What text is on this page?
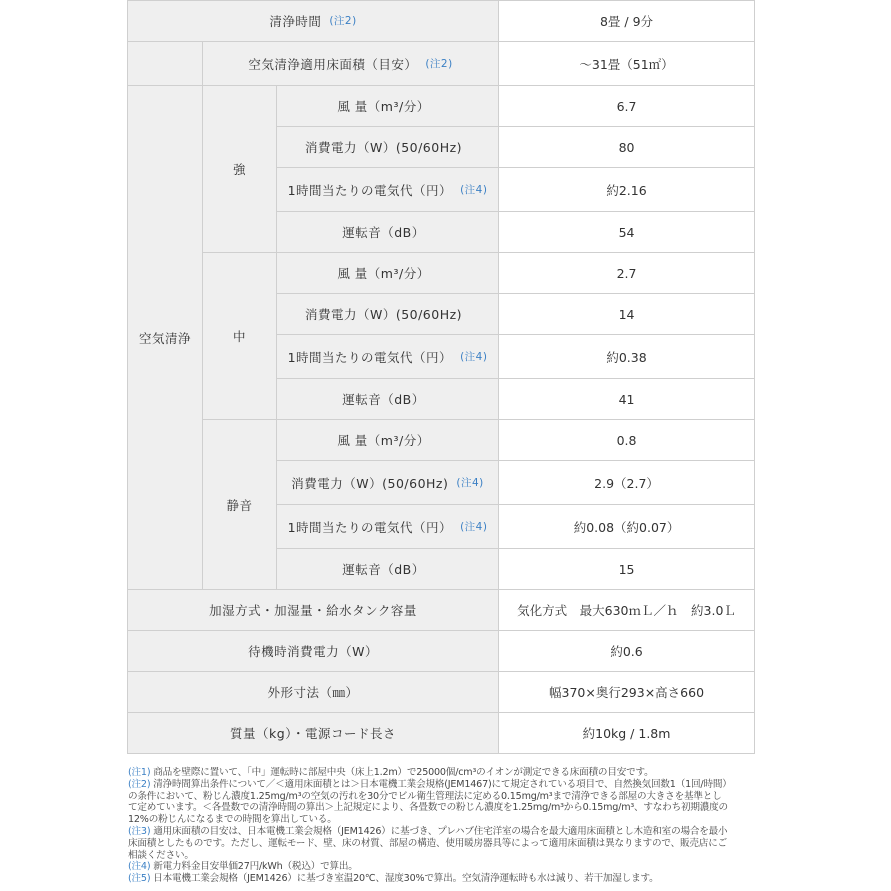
清浄時間 (注2)			8畳 / 9分
	空気清浄適用床面積（目安） (注2)		～31畳（51㎡）
空気清浄	強	風 量（m³/分）	6.7
		消費電力（W）(50/60Hz)	80
		1時間当たりの電気代（円） (注4)	約2.16
		運転音（dB）	54
	中	風 量（m³/分）	2.7
		消費電力（W）(50/60Hz)	14
		1時間当たりの電気代（円） (注4)	約0.38
		運転音（dB）	41
	静音	風 量（m³/分）	0.8
		消費電力（W）(50/60Hz) (注4)	2.9（2.7）
		1時間当たりの電気代（円） (注4)	約0.08（約0.07）
		運転音（dB）	15
加湿方式・加湿量・給水タンク容量			気化方式　最大630ｍＬ／ｈ　約3.0Ｌ
待機時消費電力（W）			約0.6
外形寸法（㎜）			幅370×奥行293×高さ660
質量（kg）・電源コード長さ			約10kg / 1.8m

(注1) 商品を壁際に置いて、「中」運転時に部屋中央（床上1.2m）で25000個/cm³のイオンが測定できる床面積の目安です。

(注2) 清浄時間算出条件について／＜適用床面積とは＞日本電機工業会規格(JEM1467)にて規定されている項目で、自然換気回数1（1回/時間）の条件において、粉じん濃度1.25mg/m³の空気の汚れを30分でビル衛生管理法に定める0.15mg/m³まで清浄できる部屋の大きさを基準として定めています。＜各畳数での清浄時間の算出＞上記規定により、各畳数での粉じん濃度を1.25mg/m³から0.15mg/m³、すなわち初期濃度の12%の粉じんになるまでの時間を算出している。

(注3) 適用床面積の目安は、日本電機工業会規格（JEM1426）に基づき、プレハブ住宅洋室の場合を最大適用床面積とし木造和室の場合を最小床面積としたものです。ただし、運転モード、壁、床の材質、部屋の構造、使用暖房器具等によって適用床面積は異なりますので、販売店にご相談ください。

(注4) 新電力料金目安単価27円/kWh（税込）で算出。

(注5) 日本電機工業会規格（JEM1426）に基づき室温20℃、湿度30%で算出。空気清浄運転時も水は減り、若干加湿します。
